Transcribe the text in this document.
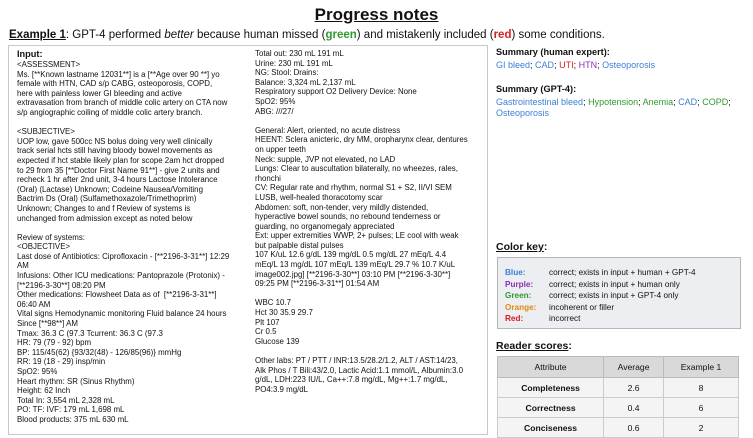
Progress notes
Example 1: GPT-4 performed better because human missed (green) and mistakenly included (red) some conditions.
Input:
<ASSESSMENT>
Ms. [**Known lastname 12031**] is a [**Age over 90 **] yo
female with HTN, CAD s/p CABG, osteoporosis, COPD,
here with painless lower GI bleeding and active
extravasation from branch of middle colic artery on CTA now
s/p angiographic coiling of middle colic artery branch.
<SUBJECTIVE>
UOP low, gave 500cc NS bolus doing very well clinically
track serial hcts still having bloody bowel movements as
expected if hct stable likely plan for scope 2am hct dropped
to 29 from 35 [**Doctor First Name 91**] - give 2 units and
recheck 1 hr after 2nd unit, 3-4 hours Lactose Intolerance
(Oral) (Lactase) Unknown; Codeine Nausea/Vomiting
Bactrim Ds (Oral) (Sulfamethoxazole/Trimethoprim)
Unknown; Changes to and f Review of systems is
unchanged from admission except as noted below
Review of systems:
<OBJECTIVE>
Last dose of Antibiotics: Ciprofloxacin - [**2196-3-31**] 12:29
AM
Infusions: Other ICU medications: Pantoprazole (Protonix) -
[**2196-3-30**] 08:20 PM
Other medications: Flowsheet Data as of  [**2196-3-31**]
06:40 AM
Vital signs Hemodynamic monitoring Fluid balance 24 hours
Since [**98**] AM
Tmax: 36.3 C (97.3 Tcurrent: 36.3 C (97.3
HR: 79 (79 - 92) bpm
BP: 115/45(62) {93/32(48) - 126/85(96)} mmHg
RR: 19 (18 - 29) insp/min
SpO2: 95%
Heart rhythm: SR (Sinus Rhythm)
Height: 62 Inch
Total In: 3,554 mL 2,328 mL
PO: TF: IVF: 179 mL 1,698 mL
Blood products: 375 mL 630 mL
Total out: 230 mL 191 mL
Urine: 230 mL 191 mL
NG: Stool: Drains:
Balance: 3,324 mL 2,137 mL
Respiratory support O2 Delivery Device: None
SpO2: 95%
ABG: ///27/
General: Alert, oriented, no acute distress
HEENT: Sclera anicteric, dry MM, oropharynx clear, dentures
on upper teeth
Neck: supple, JVP not elevated, no LAD
Lungs: Clear to auscultation bilaterally, no wheezes, rales,
rhonchi
CV: Regular rate and rhythm, normal S1 + S2, II/VI SEM
LUSB, well-healed thoracotomy scar
Abdomen: soft, non-tender, very mildly distended,
hyperactive bowel sounds, no rebound tenderness or
guarding, no organomegaly appreciated
Ext: upper extremities WWP, 2+ pulses; LE cool with weak
but palpable distal pulses
107 K/uL 12.6 g/dL 139 mg/dL 0.5 mg/dL 27 mEq/L 4.4
mEq/L 13 mg/dL 107 mEq/L 139 mEq/L 29.7 % 10.7 K/uL
image002.jpg] [**2196-3-30**] 03:10 PM [**2196-3-30**]
09:25 PM [**2196-3-31**] 01:54 AM
WBC 10.7
Hct 30 35.9 29.7
Plt 107
Cr 0.5
Glucose 139
Other labs: PT / PTT / INR:13.5/28.2/1.2, ALT / AST:14/23,
Alk Phos / T Bili:43/2.0, Lactic Acid:1.1 mmol/L, Albumin:3.0
g/dL, LDH:223 IU/L, Ca++:7.8 mg/dL, Mg++:1.7 mg/dL,
PO4:3.9 mg/dL
Summary (human expert):
GI bleed; CAD; UTI; HTN; Osteoporosis
Summary (GPT-4):
Gastrointestinal bleed; Hypotension; Anemia; CAD; COPD; Osteoporosis
Color key:
Blue:	correct; exists in input + human + GPT-4
Purple: correct; exists in input + human only
Green: correct; exists in input + GPT-4 only
Orange: incoherent or filler
Red:	incorrect
Reader scores:
Attribute	Average	Example 1
Completeness	2.6	8
Correctness	0.4	6
Conciseness	0.6	2
